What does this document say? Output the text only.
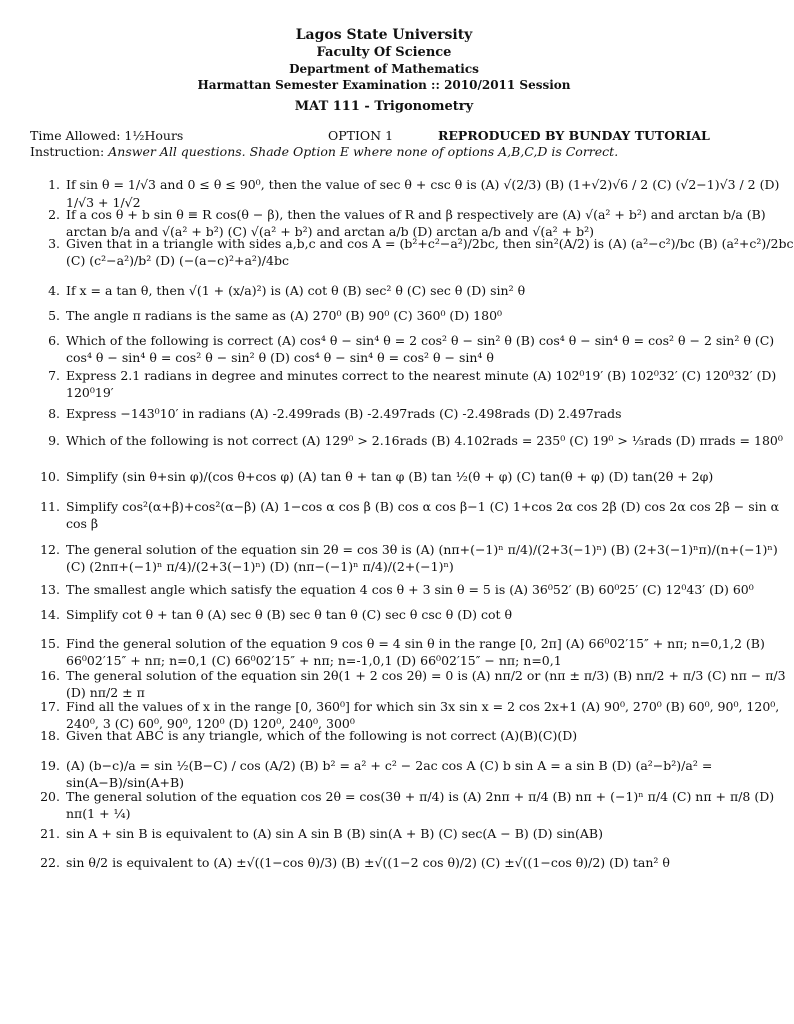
Lagos State University
Faculty Of Science
Department of Mathematics
Harmattan Semester Examination :: 2010/2011 Session
MAT 111 - Trigonometry
Time Allowed: 1½Hours	OPTION 1	REPRODUCED BY BUNDAY TUTORIAL
Instruction: Answer All questions. Shade Option E where none of options A,B,C,D is Correct.
1. If sin θ = 1/√3 and 0 ≤ θ ≤ 90⁰, then the value of sec θ + csc θ is (A) √(2/3) (B) (1+√2)√6 / 2 (C) (√2−1)√3 / 2 (D) 1/√3 + 1/√2
2. If a cos θ + b sin θ ≡ R cos(θ − β), then the values of R and β respectively are (A) √(a² + b²) and arctan b/a (B) arctan b/a and √(a² + b²) (C) √(a² + b²) and arctan a/b (D) arctan a/b and √(a² + b²)
3. Given that in a triangle with sides a,b,c and cos A = (b²+c²−a²)/2bc, then sin²(A/2) is (A) (a²−c²)/bc (B) (a²+c²)/2bc (C) (c²−a²)/b² (D) (−(a−c)²+a²)/4bc
4. If x = a tan θ, then √(1 + (x/a)²) is (A) cot θ (B) sec² θ (C) sec θ (D) sin² θ
5. The angle π radians is the same as (A) 270⁰ (B) 90⁰ (C) 360⁰ (D) 180⁰
6. Which of the following is correct (A) cos⁴ θ − sin⁴ θ = 2 cos² θ − sin² θ (B) cos⁴ θ − sin⁴ θ = cos² θ − 2 sin² θ (C) cos⁴ θ − sin⁴ θ = cos² θ − sin² θ (D) cos⁴ θ − sin⁴ θ = cos² θ − sin⁴ θ
7. Express 2.1 radians in degree and minutes correct to the nearest minute (A) 102⁰19′ (B) 102⁰32′ (C) 120⁰32′ (D) 120⁰19′
8. Express −143⁰10′ in radians (A) -2.499rads (B) -2.497rads (C) -2.498rads (D) 2.497rads
9. Which of the following is not correct (A) 129⁰ > 2.16rads (B) 4.102rads = 235⁰ (C) 19⁰ > ⅓rads (D) πrads = 180⁰
10. Simplify (sin θ+sin φ)/(cos θ+cos φ) (A) tan θ + tan φ (B) tan ½(θ + φ) (C) tan(θ + φ) (D) tan(2θ + 2φ)
11. Simplify cos²(α+β)+cos²(α−β) (A) 1−cos α cos β (B) cos α cos β−1 (C) 1+cos 2α cos 2β (D) cos 2α cos 2β − sin α cos β
12. The general solution of the equation sin 2θ = cos 3θ is (A) (nπ+(−1)ⁿ π/4)/(2+3(−1)ⁿ) (B) (2+3(−1)ⁿπ)/(n+(−1)ⁿ) (C) (2nπ+(−1)ⁿ π/4)/(2+3(−1)ⁿ) (D) (nπ−(−1)ⁿ π/4)/(2+(−1)ⁿ)
13. The smallest angle which satisfy the equation 4 cos θ + 3 sin θ = 5 is (A) 36⁰52′ (B) 60⁰25′ (C) 12⁰43′ (D) 60⁰
14. Simplify cot θ + tan θ (A) sec θ (B) sec θ tan θ (C) sec θ csc θ (D) cot θ
15. Find the general solution of the equation 9 cos θ = 4 sin θ in the range [0, 2π] (A) 66⁰02′15″ + nπ; n=0,1,2 (B) 66⁰02′15″ + nπ; n=0,1 (C) 66⁰02′15″ + nπ; n=-1,0,1 (D) 66⁰02′15″ − nπ; n=0,1
16. The general solution of the equation sin 2θ(1 + 2 cos 2θ) = 0 is (A) nπ/2 or (nπ ± π/3) (B) nπ/2 + π/3 (C) nπ − π/3 (D) nπ/2 ± π
17. Find all the values of x in the range [0, 360⁰] for which sin 3x sin x = 2 cos 2x+1 (A) 90⁰, 270⁰ (B) 60⁰, 90⁰, 120⁰, 240⁰, 3 (C) 60⁰, 90⁰, 120⁰ (D) 120⁰, 240⁰, 300⁰
18. Given that ABC is any triangle, which of the following is not correct (A)(B)(C)(D)
19. (A) (b−c)/a = sin ½(B−C) / cos (A/2) (B) b² = a² + c² − 2ac cos A (C) b sin A = a sin B (D) (a²−b²)/a² = sin(A−B)/sin(A+B)
20. The general solution of the equation cos 2θ = cos(3θ + π/4) is (A) 2nπ + π/4 (B) nπ + (−1)ⁿ π/4 (C) nπ + π/8 (D) nπ(1 + ¼)
21. sin A + sin B is equivalent to (A) sin A sin B (B) sin(A + B) (C) sec(A − B) (D) sin(AB)
22. sin θ/2 is equivalent to (A) ±√((1−cos θ)/3) (B) ±√((1−2 cos θ)/2) (C) ±√((1−cos θ)/2) (D) tan² θ
